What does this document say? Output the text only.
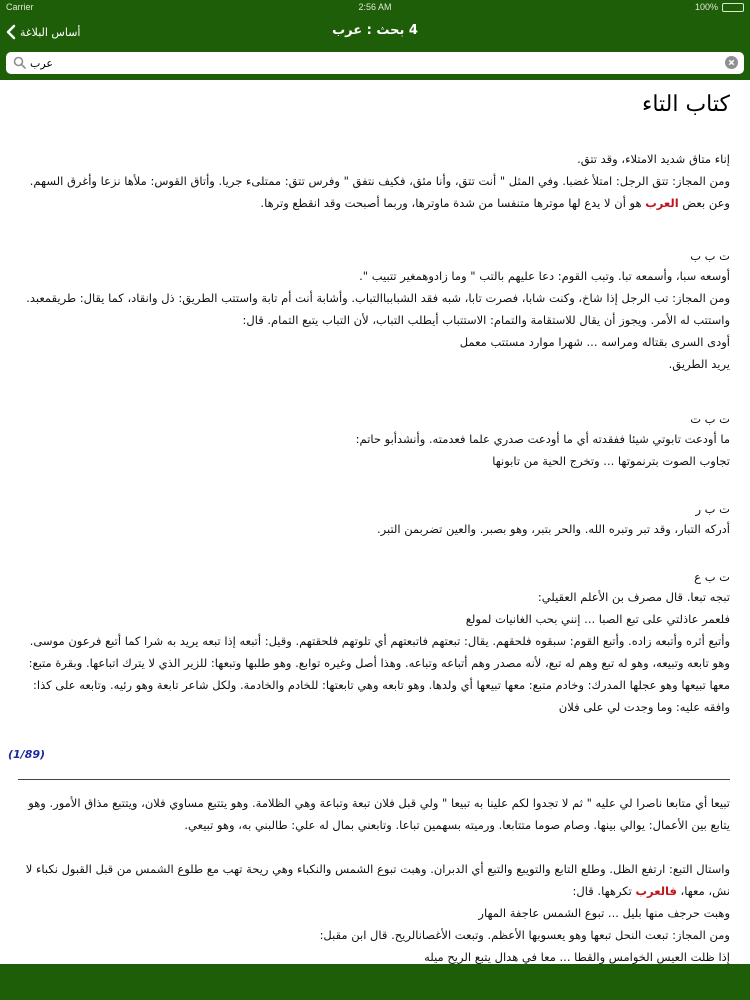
Carrier	2:56 AM	100%
أساس البلاغة	4 بحث : عرب
عرب
كتاب التاء

إناء متاق شديد الامتلاء، وقد تتق.

ومن المجاز: تتق الرجل: امتلأ غضبا. وفي المثل " أنت تتق، وأنا مئق، فكيف نتفق " وفرس تتق: ممتلىء جريا. وأتاق القوس: ملأها نزعا وأغرق السهم. وعن بعض العرب هو أن لا يدع لها موترها متنفسا من شدة ماوترها، وربما أصبحت وقد انقطع وترها.

ت ب ب

أوسعه سبا، وأسمعه تبا. وتبب القوم: دعا عليهم بالتب " وما زادوهمغير تتبيب ".

ومن المجاز: تب الرجل إذا شاخ، وكنت شابا، فصرت تابا، شبه فقد الشبابباالتباب. وأشابة أنت أم تابة واستتب الطريق: ذل وانقاد، كما يقال: طريقمعبد. واستتب له الأمر. ويجوز أن يقال للاستقامة والتمام: الاستتباب أيطلب التباب، لأن التباب يتبع التمام. قال:

أودى السرى بقتاله ومراسه ... شهرا موارد مستتب معمل

يريد الطريق.

ت ب ت

ما أودعت تابوتي شيئا ففقدته أي ما أودعت صدري علما فعدمته. وأنشدأبو حاتم:

تجاوب الصوت بترنموتها ... وتخرج الحية من تابونها

ت ب ر

أدركه التبار، وقد تبر وتبره الله. والحر بتبر، وهو بصبر. والعين تضربمن التبر.

ت ب ع

تبجه تبعا. قال مصرف بن الأعلم العقيلي:

فلعمر عاذلتي على تبع الصبا ... إنني بحب الغانيات لمولع

وأتبع أثره وأتبعه زاده. وأتبع القوم: سبقوه فلحقهم. يقال: تبعتهم فاتبعتهم أي تلوتهم فلحقتهم. وقيل: أتبعه إذا تبعه يريد به شرا كما أتبع فرعون موسى. وهو تابعه وتبيعه، وهو له تبع وهم له تبع، لأنه مصدر وهم أتباعه وتباعه. وهذا أصل وغيره توابع. وهو طلبها وتبعها: للزير الذي لا يترك اتباعها. وبقرة متبع: معها تبيعها وهو عجلها المدرك: وخادم متبع: معها تبيعها أي ولدها. وهو تابعه وهي تابعتها: للخادم والخادمة. ولكل شاعر تابعة وهو رئيه. وتابعه على كذا: وافقه عليه: وما وجدت لي على فلان

(1/89)

تبيعا أي متابعا ناصرا لي عليه " ثم لا تجدوا لكم علينا به تبيعا " ولي قبل فلان تبعة وتباعة وهي الظلامة. وهو يتتبع مساوي فلان، ويتتبع مذاق الأمور. وهو يتابع بين الأعمال: يوالي بينها. وصام صوما متتابعا. ورميته بسهمين تباعا. وتابعني بمال له علي: طالبني به، وهو تبيعي.

واستال التبع: ارتفع الظل. وطلع التابع والتويبع والتبع أي الدبران. وهبت تبوع الشمس والنكباء وهي ريحة تهب مع طلوع الشمس من قبل القبول نكباء لا نش، معها، فالعرب تكرهها. قال:

وهبت حرجف منها بليل ... تبوع الشمس عاجفة المهار

ومن المجاز: تبعت النحل تبعها وهو يعسوبها الأعظم. وتبعت الأغصانالريح. قال ابن مقبل:

إذا ظلت العيس الخوامس والقطا ... معا في هدال يتبع الريح ميله
